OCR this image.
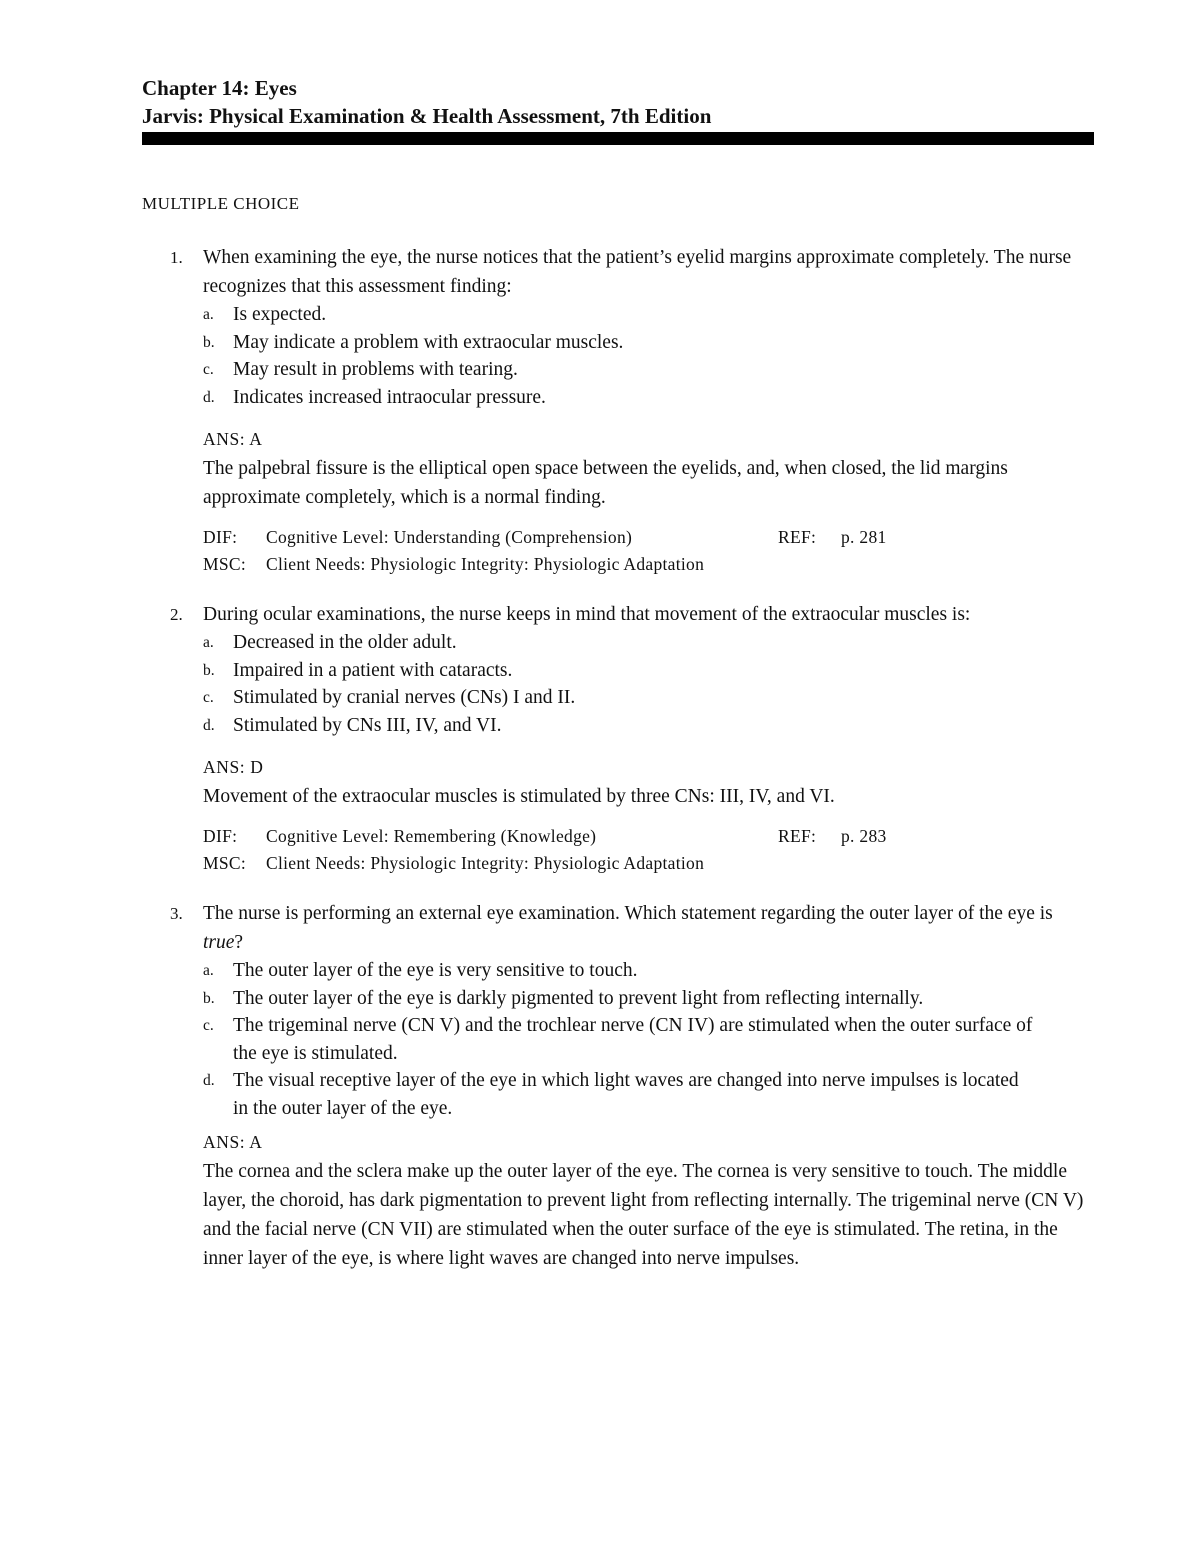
Chapter 14: Eyes

Jarvis: Physical Examination & Health Assessment, 7th Edition

MULTIPLE CHOICE
1. When examining the eye, the nurse notices that the patient’s eyelid margins approximate completely. The nurse recognizes that this assessment finding:

a. Is expected.
b. May indicate a problem with extraocular muscles.
c. May result in problems with tearing.
d. Indicates increased intraocular pressure.
ANS: A
The palpebral fissure is the elliptical open space between the eyelids, and, when closed, the lid margins approximate completely, which is a normal finding.
DIF: Cognitive Level: Understanding (Comprehension)	REF: p. 281
MSC: Client Needs: Physiologic Integrity: Physiologic Adaptation
2. During ocular examinations, the nurse keeps in mind that movement of the extraocular muscles is:

a. Decreased in the older adult.
b. Impaired in a patient with cataracts.
c. Stimulated by cranial nerves (CNs) I and II.
d. Stimulated by CNs III, IV, and VI.
ANS: D
Movement of the extraocular muscles is stimulated by three CNs: III, IV, and VI.
DIF: Cognitive Level: Remembering (Knowledge)	REF: p. 283
MSC: Client Needs: Physiologic Integrity: Physiologic Adaptation
3. The nurse is performing an external eye examination. Which statement regarding the outer layer of the eye is true?

a. The outer layer of the eye is very sensitive to touch.
b. The outer layer of the eye is darkly pigmented to prevent light from reflecting internally.
c. The trigeminal nerve (CN V) and the trochlear nerve (CN IV) are stimulated when the outer surface of the eye is stimulated.
d. The visual receptive layer of the eye in which light waves are changed into nerve impulses is located in the outer layer of the eye.
ANS: A
The cornea and the sclera make up the outer layer of the eye. The cornea is very sensitive to touch. The middle layer, the choroid, has dark pigmentation to prevent light from reflecting internally. The trigeminal nerve (CN V) and the facial nerve (CN VII) are stimulated when the outer surface of the eye is stimulated. The retina, in the inner layer of the eye, is where light waves are changed into nerve impulses.
